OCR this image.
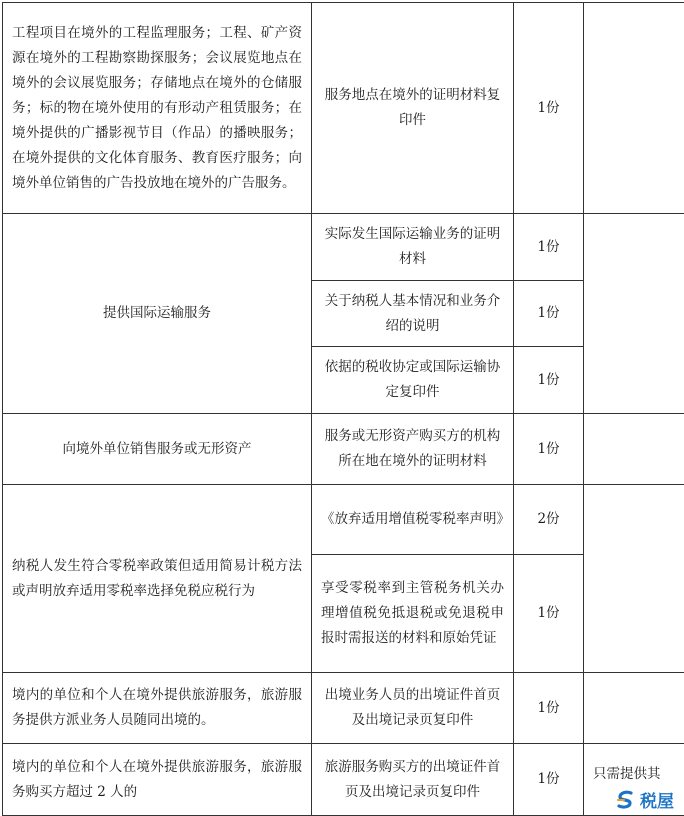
工程项目在境外的工程监理服务；工程、矿产资源在境外的工程勘察勘探服务；会议展览地点在境外的会议展览服务；存储地点在境外的仓储服务；标的物在境外使用的有形动产租赁服务；在境外提供的广播影视节目（作品）的播映服务；在境外提供的文化体育服务、教育医疗服务；向境外单位销售的广告投放地在境外的广告服务。	服务地点在境外的证明材料复印件	1份	
提供国际运输服务	实际发生国际运输业务的证明材料	1份	
	关于纳税人基本情况和业务介绍的说明	1份	
	依据的税收协定或国际运输协定复印件	1份	
向境外单位销售服务或无形资产	服务或无形资产购买方的机构所在地在境外的证明材料	1份	
纳税人发生符合零税率政策但适用简易计税方法或声明放弃适用零税率选择免税应税行为	《放弃适用增值税零税率声明》	2份	
	享受零税率到主管税务机关办理增值税免抵退税或免退税申报时需报送的材料和原始凭证	1份	
境内的单位和个人在境外提供旅游服务，旅游服务提供方派业务人员随同出境的。	出境业务人员的出境证件首页及出境记录页复印件	1份	
境内的单位和个人在境外提供旅游服务，旅游服务购买方超过 2 人的	旅游服务购买方的出境证件首页及出境记录页复印件	1份	只需提供其
税屋
